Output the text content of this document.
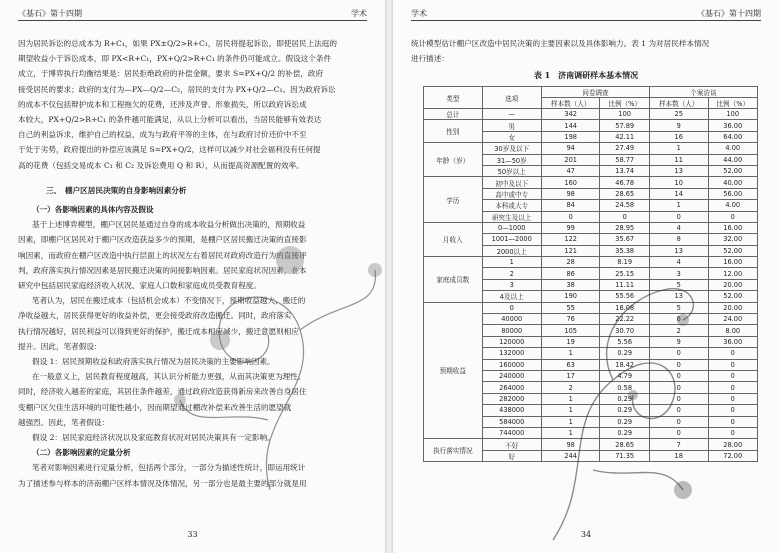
《基石》第十四期	学术

因为居民诉讼的总成本为 R+C₁，如果 PX±Q/2>R+C₁，居民将提起诉讼。即使居民上法庭的

期望收益小于诉讼成本，即 PX<R+C₁，PX+Q/2>R+C₁ 的条件仍可能成立。假设这个条件

成立，于博弈执行均衡结果是：居民拒绝政府的补偿金额，要求 S=PX+Q/2 的补偿，政府

接受居民的要求；政府的支付为—PX—Q/2—C₂，居民的支付为 PX+Q/2—C₁。因为政府诉讼

的成本不仅包括辩护成本和工程拖欠的花费，还涉及声誉、形象损失，所以政府诉讼成

本较大，PX+Q/2>R+C₁ 的条件越可能满足，从以上分析可以看出，当居民能够有效表达

自己的利益诉求，维护自己的权益，成为与政府平等的主体，在与政府讨价还价中不至

于处于劣势，政府提出的补偿应该满足 S=PX+Q/2，这样可以减少对社会福利没有任何提

高的花费（包括交易成本 C₁ 和 C₂ 及诉讼费用 Q 和 R），从而提高资源配置的效率。

三、　棚户区居民决策的自身影响因素分析

（一）各影响因素的具体内容及假设

基于上述博弈模型，棚户区居民是通过自身的成本收益分析做出决策的，预期收益

因素，即棚户区居民对于棚户区改造获益多少的预期，是棚户区居民搬迁决策的直接影

响因素，而政府在棚户区改造中执行层面上的状况左右着居民对政府改造行为的直接评

判，政府落实执行情况因素是居民搬迁决策的间接影响因素。居民家庭状况因素，在本

研究中包括居民家庭经济收入状况、家庭人口数和家庭成员受教育程度。

笔者认为，居民在搬迁成本（包括机会成本）不变情况下，预期收益越大，搬迁的

净收益越大，居民获得更好的收益补偿，更会接受政府改造搬迁。同时，政府落实

执行情况越好，居民利益可以得到更好的保护，搬迁成本相应减少，搬迁意愿则相应

提升。因此，笔者假设：

假设 1：居民预期收益和政府落实执行情况为居民决策的主要影响因素。

在一般意义上，居民教育程度越高，其认识分析能力更强，从而其决策更为理性。

同时，经济收入越差的家庭，其居住条件越差，通过政府改造获得新房来改善自身居住

变棚户区欠佳生活环境的可能性越小，因而期望通过棚改补偿来改善生活的愿望就

越强烈。因此，笔者假设：

假设 2：居民家庭经济状况以及家庭教育状况对居民决策具有一定影响。

（二）各影响因素的定量分析

笔者对影响因素进行定量分析，包括两个部分，一部分为描述性统计，即运用统计

为了描述参与样本的济南棚户区样本情况及体情况，另一部分也是最主要的部分就是用

33
学术	《基石》第十四期

统计模型估计棚户区改造中居民决策的主要因素以及具体影响力。表 1 为对居民样本情况

进行描述：

表 1　济南调研样本基本情况
类型	选项	问卷调查		个案访谈	
		样本数（人）	比例（%）	样本数（人）	比例（%）
总计	—	342	100	25	100
性别	男	144	57.89	9	36.00
	女	198	42.11	16	64.00
年龄（岁）	30岁及以下	94	27.49	1	4.00
	31—50岁	201	58.77	11	44.00
	50岁以上	47	13.74	13	52.00
学历	初中及以下	160	46.78	10	40.00
	高中或中专	98	28.65	14	56.00
	本科或大专	84	24.58	1	4.00
	研究生及以上	0	0	0	0
月收入	0—1000	99	28.95	4	16.00
	1001—2000	122	35.67	8	32.00
	2000以上	121	35.38	13	52.00
家庭成员数	1	28	8.19	4	16.00
	2	86	25.15	3	12.00
	3	38	11.11	5	20.00
	4及以上	190	55.56	13	52.00
预期收益	0	55	16.08	5	20.00
	40000	76	22.22	6	24.00
	80000	105	30.70	2	8.00
	120000	19	5.56	9	36.00
	132000	1	0.29	0	0
	160000	63	18.42	0	0
	240000	17	4.79	0	0
	264000	2	0.58	0	0
	282000	1	0.29	0	0
	438000	1	0.29	0	0
	584000	1	0.29	0	0
	744000	1	0.29	0	0
执行落实情况	不好	98	28.65	7	28.00
	好	244	71.35	18	72.00
34
